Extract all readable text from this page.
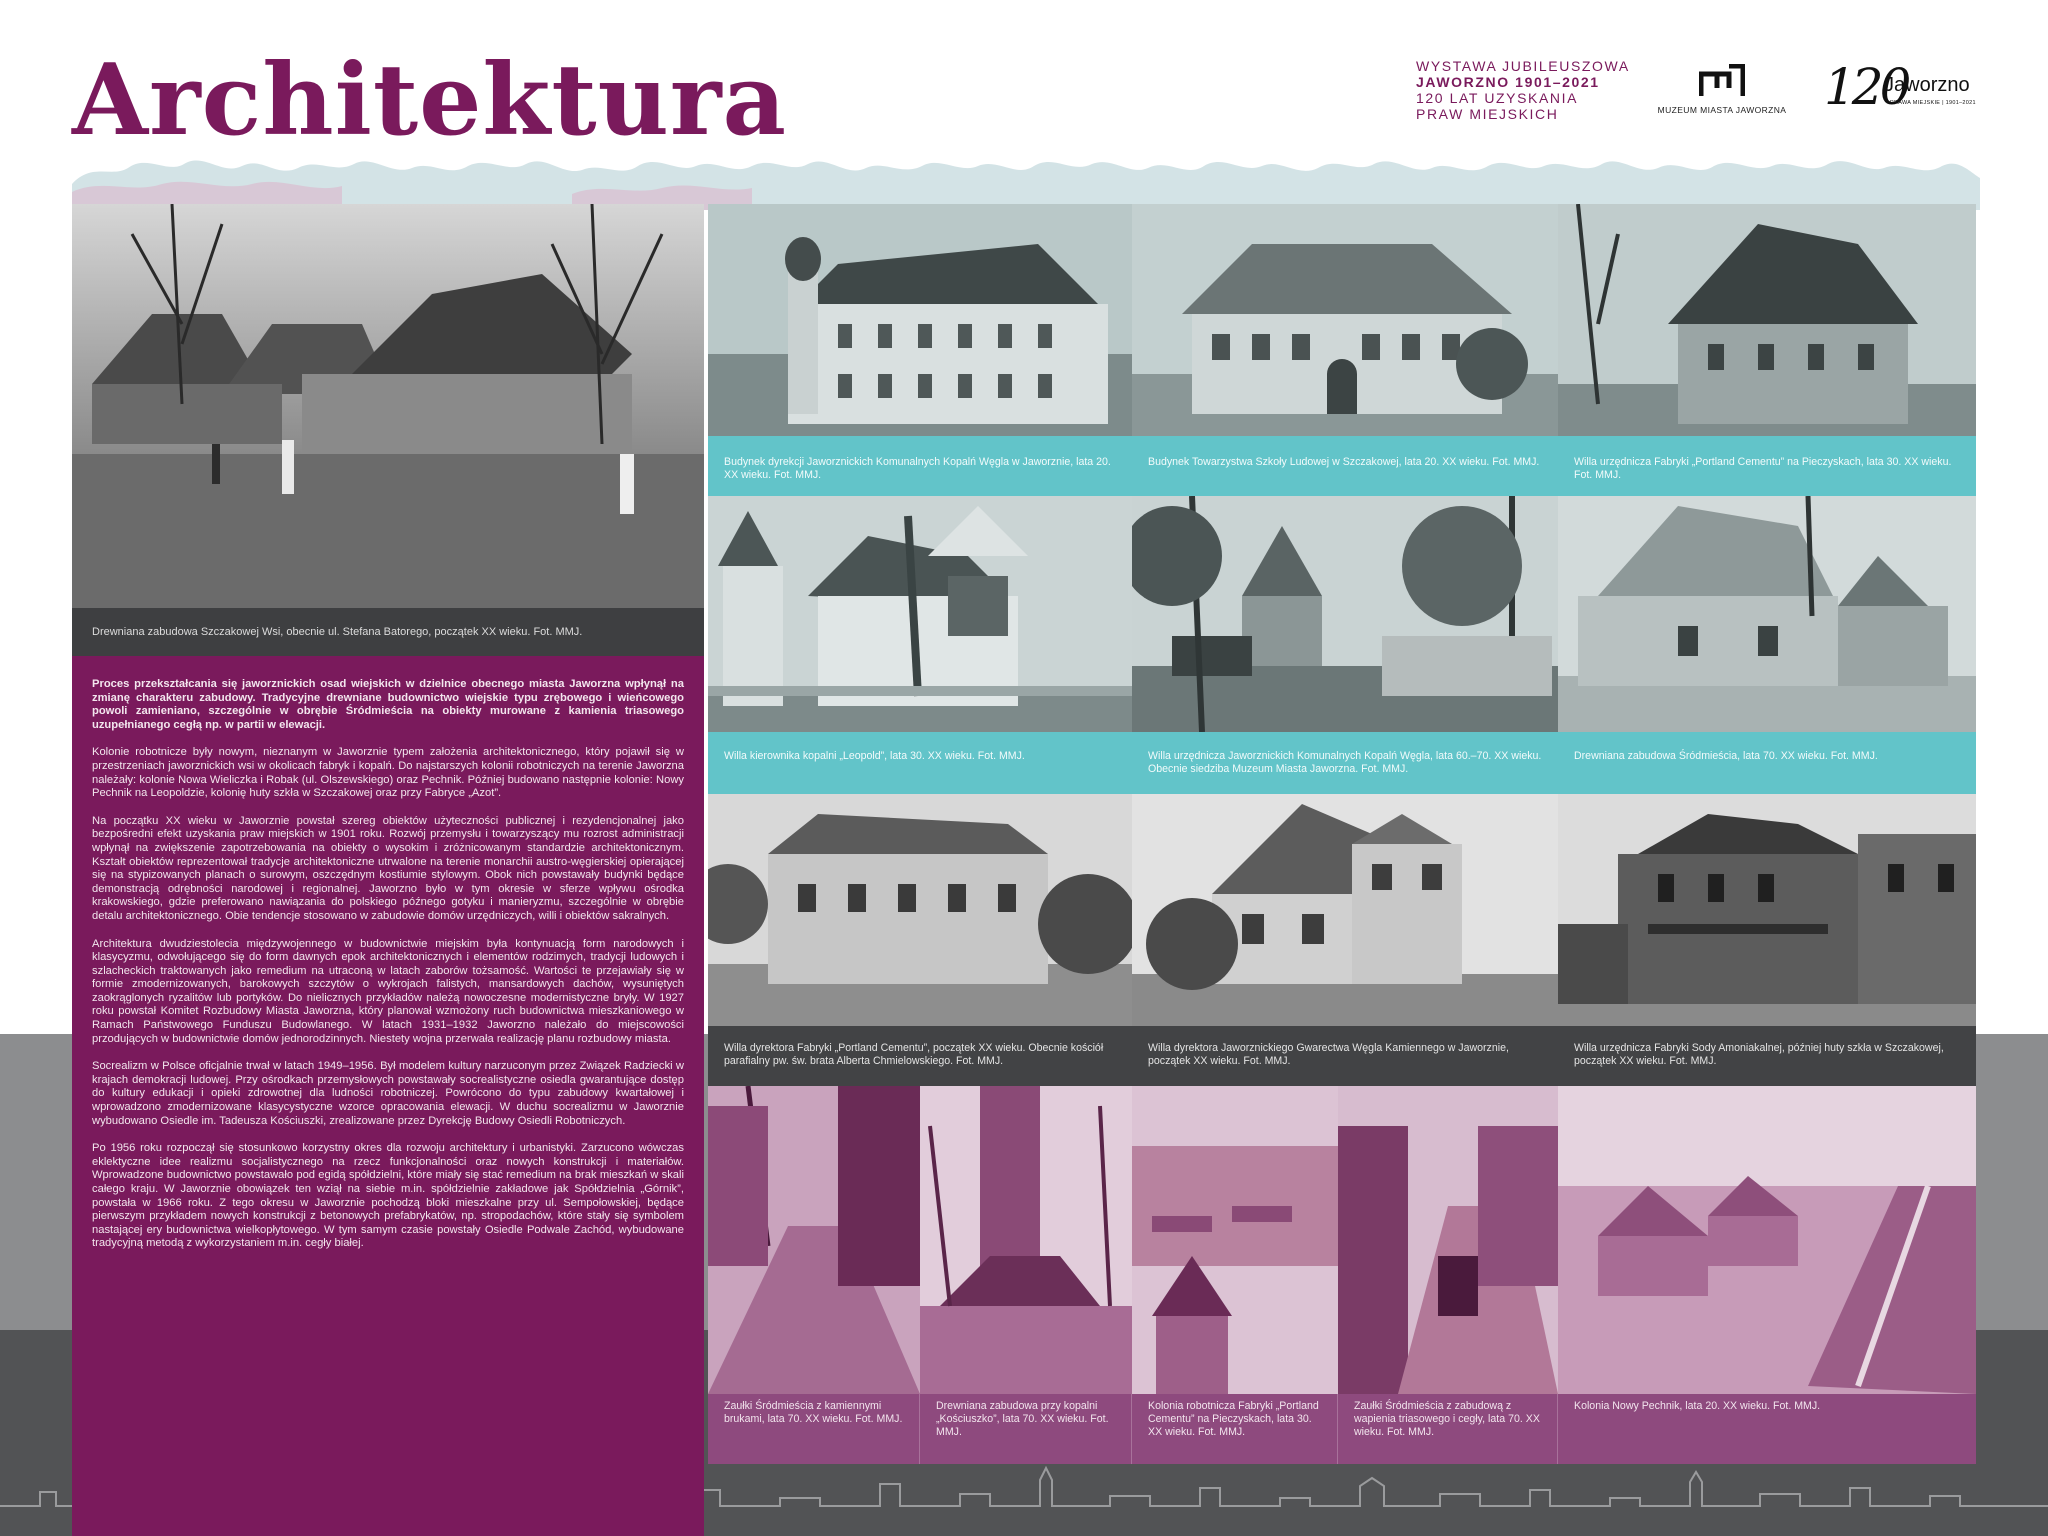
Architektura	WYSTAWA JUBILEUSZOWA
JAWORZNO 1901–2021
120 LAT UZYSKANIA
PRAW MIEJSKICH	MUZEUM MIASTA JAWORZNA 120
Jaworzno
PRAWA MIEJSKIE | 1901–2021
Drewniana zabudowa Szczakowej Wsi, obecnie ul. Stefana Batorego, początek XX wieku. Fot. MMJ.

Proces przekształcania się jaworznickich osad wiejskich w dzielnice obecnego miasta Jaworzna wpłynął na zmianę charakteru zabudowy. Tradycyjne drewniane budownictwo wiejskie typu zrębowego i wieńcowego powoli zamieniano, szczególnie w obrębie Śródmieścia na obiekty murowane z kamienia triasowego uzupełnianego cegłą np. w partii w elewacji.

Kolonie robotnicze były nowym, nieznanym w Jaworznie typem założenia architektonicznego, który pojawił się w przestrzeniach jaworznickich wsi w okolicach fabryk i kopalń. Do najstarszych kolonii robotniczych na terenie Jaworzna należały: kolonie Nowa Wieliczka i Robak (ul. Olszewskiego) oraz Pechnik. Później budowano następnie kolonie: Nowy Pechnik na Leopoldzie, kolonię huty szkła w Szczakowej oraz przy Fabryce „Azot”.

Na początku XX wieku w Jaworznie powstał szereg obiektów użyteczności publicznej i rezydencjonalnej jako bezpośredni efekt uzyskania praw miejskich w 1901 roku. Rozwój przemysłu i towarzyszący mu rozrost administracji wpłynął na zwiększenie zapotrzebowania na obiekty o wysokim i zróżnicowanym standardzie architektonicznym. Kształt obiektów reprezentował tradycje architektoniczne utrwalone na terenie monarchii austro-węgierskiej opierającej się na stypizowanych planach o surowym, oszczędnym kostiumie stylowym. Obok nich powstawały budynki będące demonstracją odrębności narodowej i regionalnej. Jaworzno było w tym okresie w sferze wpływu ośrodka krakowskiego, gdzie preferowano nawiązania do polskiego późnego gotyku i manieryzmu, szczególnie w obrębie detalu architektonicznego. Obie tendencje stosowano w zabudowie domów urzędniczych, willi i obiektów sakralnych.

Architektura dwudziestolecia międzywojennego w budownictwie miejskim była kontynuacją form narodowych i klasycyzmu, odwołującego się do form dawnych epok architektonicznych i elementów rodzimych, tradycji ludowych i szlacheckich traktowanych jako remedium na utraconą w latach zaborów tożsamość. Wartości te przejawiały się w formie zmodernizowanych, barokowych szczytów o wykrojach falistych, mansardowych dachów, wysuniętych zaokrąglonych ryzalitów lub portyków. Do nielicznych przykładów należą nowoczesne modernistyczne bryły. W 1927 roku powstał Komitet Rozbudowy Miasta Jaworzna, który planował wzmożony ruch budownictwa mieszkaniowego w Ramach Państwowego Funduszu Budowlanego. W latach 1931–1932 Jaworzno należało do miejscowości przodujących w budownictwie domów jednorodzinnych. Niestety wojna przerwała realizację planu rozbudowy miasta.

Socrealizm w Polsce oficjalnie trwał w latach 1949–1956. Był modelem kultury narzuconym przez Związek Radziecki w krajach demokracji ludowej. Przy ośrodkach przemysłowych powstawały socrealistyczne osiedla gwarantujące dostęp do kultury edukacji i opieki zdrowotnej dla ludności robotniczej. Powrócono do typu zabudowy kwartałowej i wprowadzono zmodernizowane klasycystyczne wzorce opracowania elewacji. W duchu socrealizmu w Jaworznie wybudowano Osiedle im. Tadeusza Kościuszki, zrealizowane przez Dyrekcję Budowy Osiedli Robotniczych.

Po 1956 roku rozpoczął się stosunkowo korzystny okres dla rozwoju architektury i urbanistyki. Zarzucono wówczas eklektyczne idee realizmu socjalistycznego na rzecz funkcjonalności oraz nowych konstrukcji i materiałów. Wprowadzone budownictwo powstawało pod egidą spółdzielni, które miały się stać remedium na brak mieszkań w skali całego kraju. W Jaworznie obowiązek ten wziął na siebie m.in. spółdzielnie zakładowe jak Spółdzielnia „Górnik”, powstała w 1966 roku. Z tego okresu w Jaworznie pochodzą bloki mieszkalne przy ul. Sempołowskiej, będące pierwszym przykładem nowych konstrukcji z betonowych prefabrykatów, np. stropodachów, które stały się symbolem nastającej ery budownictwa wielkopłytowego. W tym samym czasie powstały Osiedle Podwale Zachód, wybudowane tradycyjną metodą z wykorzystaniem m.in. cegły białej.

Budynek dyrekcji Jaworznickich Komunalnych Kopalń Węgla w Jaworznie, lata 20. XX wieku. Fot. MMJ.
Budynek Towarzystwa Szkoły Ludowej w Szczakowej, lata 20. XX wieku. Fot. MMJ.	Willa urzędnicza Fabryki „Portland Cementu” na Pieczyskach, lata 30. XX wieku. Fot. MMJ.
Willa kierownika kopalni „Leopold”, lata 30. XX wieku. Fot. MMJ.	Willa urzędnicza Jaworznickich Komunalnych Kopalń Węgla, lata 60.–70. XX wieku. Obecnie siedziba Muzeum Miasta Jaworzna. Fot. MMJ.
Drewniana zabudowa Śródmieścia, lata 70. XX wieku. Fot. MMJ.
Willa dyrektora Fabryki „Portland Cementu”, początek XX wieku. Obecnie kościół parafialny pw. św. brata Alberta Chmielowskiego. Fot. MMJ.
Willa dyrektora Jaworznickiego Gwarectwa Węgla Kamiennego w Jaworznie, początek XX wieku. Fot. MMJ.
Willa urzędnicza Fabryki Sody Amoniakalnej, później huty szkła w Szczakowej, początek XX wieku. Fot. MMJ.
Zaułki Śródmieścia z kamiennymi brukami, lata 70. XX wieku. Fot. MMJ.
Drewniana zabudowa przy kopalni „Kościuszko”, lata 70. XX wieku. Fot. MMJ.
Kolonia robotnicza Fabryki „Portland Cementu” na Pieczyskach, lata 30. XX wieku. Fot. MMJ.
Zaułki Śródmieścia z zabudową z wapienia triasowego i cegły, lata 70. XX wieku. Fot. MMJ.
Kolonia Nowy Pechnik, lata 20. XX wieku. Fot. MMJ.
